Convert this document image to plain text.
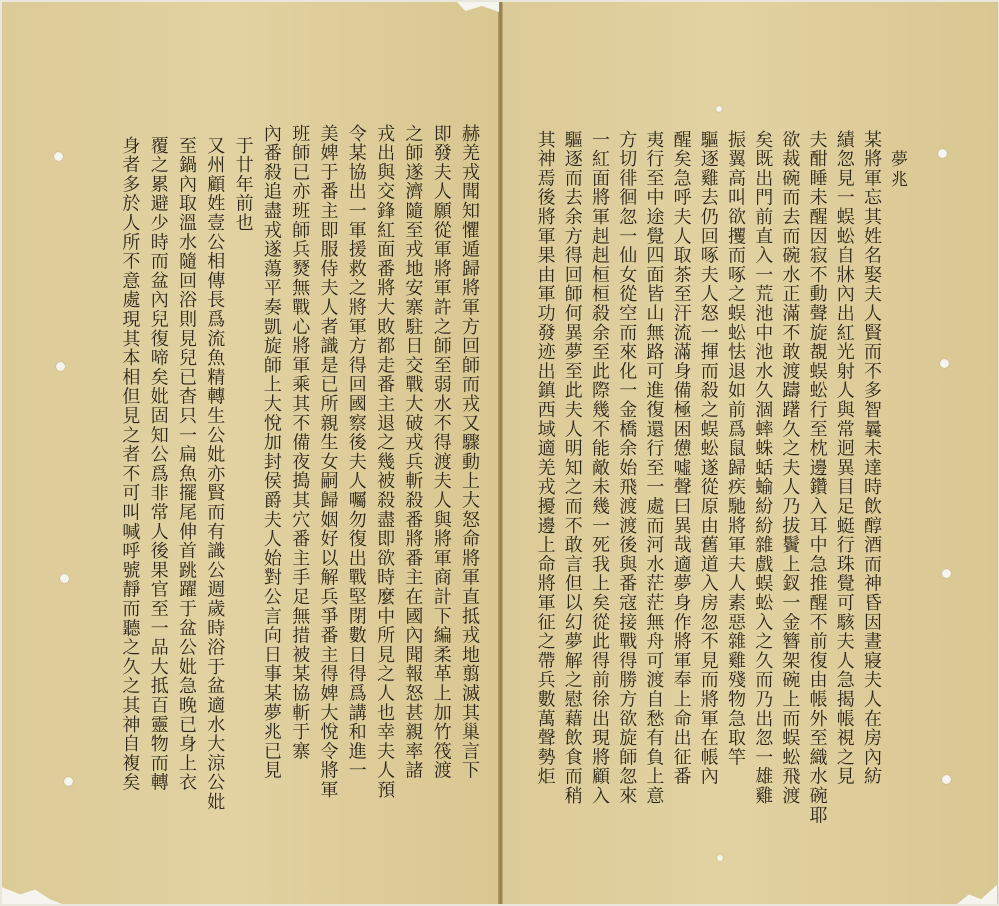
夢兆
某將軍忘其姓名娶夫人賢而不多智曩未達時飲醇酒而神昏因晝寢夫人在房內紡
績忽見一蜈蚣自牀內出紅光射人與常迥異目足蜓行珠覺可駭夫人急揭帳視之見
夫酣睡未醒因寂不動聲旋覩蜈蚣行至枕邊鑽入耳中急推醒不前復由帳外至織水碗耶
欲裁碗而去而碗水正滿不敢渡躊躇久之夫人乃拔鬢上釵一金簪架碗上而蜈蚣飛渡
矣既出門前直入一荒池中池水久涸蟀蛛蛞蝓紛紛雜戲蜈蚣入之久而乃出忽一雄雞
振翼高叫欲攫而啄之蜈蚣怯退如前爲鼠歸疾馳將軍夫人素惡雜雞殘物急取竿
驅逐雞去仍回啄夫人怒一揮而殺之蜈蚣遂從原由舊道入房忽不見而將軍在帳內
醒矣急呼夫人取茶至汗流滿身備極困憊噓聲曰異哉適夢身作將軍奉上命出征番
夷行至中途覺四面皆山無路可進復還行至一處而河水茫茫無舟可渡自愁有負上意
方切徘徊忽一仙女從空而來化一金橋余始飛渡渡後與番寇接戰得勝方欲旋師忽來
一紅面將軍赳赳桓桓殺余至此際幾不能敵未幾一死我上矣從此得前徐出現將顧入
驅逐而去余方得回師何異夢至此夫人明知之而不敢言但以幻夢解之慰藉飲食而稍
其神焉後將軍果由軍功發迹出鎮西域適羌戎擾邊上命將軍征之帶兵數萬聲勢炬
赫羌戎聞知懼遁歸將軍方回師而戎又驟動上大怒命將軍直抵戎地翦滅其巢言下
即發夫人願從軍將軍許之師至弱水不得渡夫人與將軍商計下編柔革上加竹筏渡
之師遂濟隨至戎地安寨駐日交戰大破戎兵斬殺番將番主在國內聞報怒甚親率諸
戎出與交鋒紅面番將大敗都走番主退之幾被殺盡即欲時麼中所見之人也幸夫人預
令某協出一軍援救之將軍方得回國察後夫人囑勿復出戰堅閉數日得爲講和進一
美婢于番主即服侍夫人者識是已所親生女嗣歸姻好以解兵爭番主得婢大悅令將軍
班師已亦班師兵燹無戰心將軍乘其不備夜搗其穴番主手足無措被某協斬于寨
內番殺追盡戎遂蕩平奏凱旋師上大悅加封侯爵夫人始對公言向日事某夢兆已見
于廿年前也
又州顧姓壹公相傳長爲流魚精轉生公妣亦賢而有識公週歲時浴于盆適水大涼公妣
至鍋內取溫水隨回浴則見兒已杳只一扁魚擺尾伸首跳躍于盆公妣急晚已身上衣
覆之累避少時而盆內兒復啼矣妣固知公爲非常人後果官至一品大抵百靈物而轉
身者多於人所不意處現其本相但見之者不可叫喊呼號靜而聽之久之其神自複矣
